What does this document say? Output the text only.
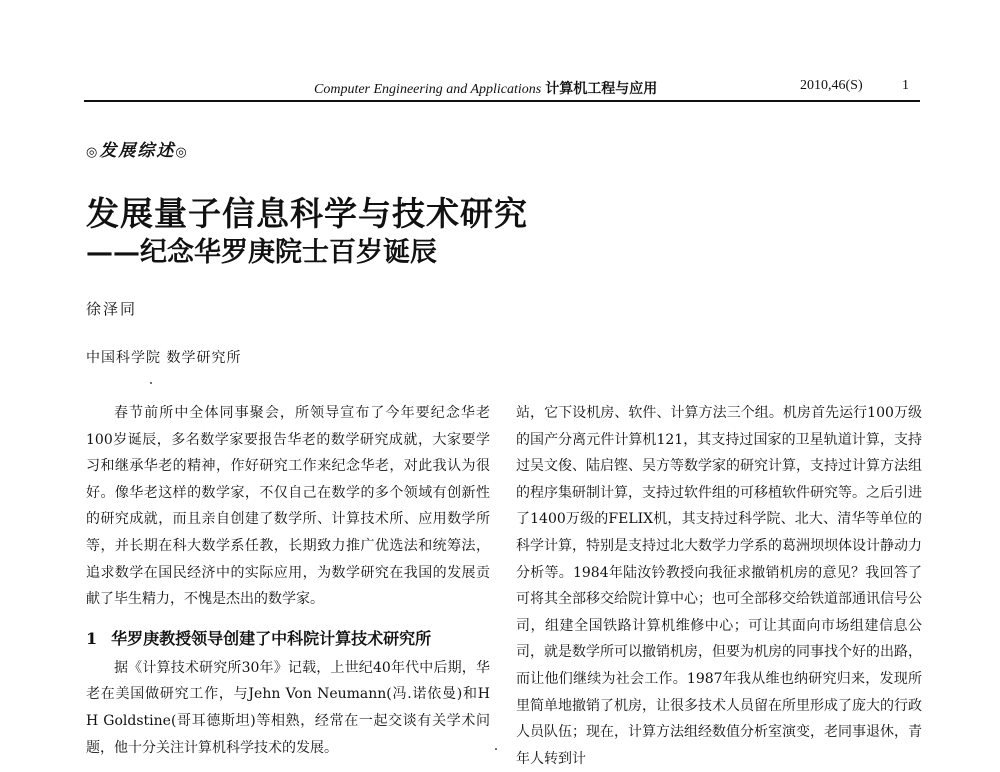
Computer Engineering and Applications 计算机工程与应用	2010,46(S)	1
◎发展综述◎
发展量子信息科学与技术研究
——纪念华罗庚院士百岁诞辰
徐泽同
中国科学院 数学研究所

春节前所中全体同事聚会，所领导宣布了今年要纪念华老100岁诞辰，多名数学家要报告华老的数学研究成就，大家要学习和继承华老的精神，作好研究工作来纪念华老，对此我认为很好。像华老这样的数学家，不仅自己在数学的多个领域有创新性的研究成就，而且亲自创建了数学所、计算技术所、应用数学所等，并长期在科大数学系任教，长期致力推广优选法和统筹法，追求数学在国民经济中的实际应用，为数学研究在我国的发展贡献了毕生精力，不愧是杰出的数学家。

1 华罗庚教授领导创建了中科院计算技术研究所

据《计算技术研究所30年》记载，上世纪40年代中后期，华老在美国做研究工作，与Jehn Von Neumann(冯.诺依曼)和H H Goldstine(哥耳德斯坦)等相熟，经常在一起交谈有关学术问题，他十分关注计算机科学技术的发展。

站，它下设机房、软件、计算方法三个组。机房首先运行100万级的国产分离元件计算机121，其支持过国家的卫星轨道计算，支持过吴文俊、陆启铿、吴方等数学家的研究计算，支持过计算方法组的程序集研制计算，支持过软件组的可移植软件研究等。之后引进了1400万级的FELIX机，其支持过科学院、北大、清华等单位的科学计算，特别是支持过北大数学力学系的葛洲坝坝体设计静动力分析等。1984年陆汝钤教授向我征求撤销机房的意见？我回答了可将其全部移交给院计算中心；也可全部移交给铁道部通讯信号公司，组建全国铁路计算机维修中心；可让其面向市场组建信息公司，就是数学所可以撤销机房，但要为机房的同事找个好的出路，而让他们继续为社会工作。1987年我从维也纳研究归来，发现所里简单地撤销了机房，让很多技术人员留在所里形成了庞大的行政人员队伍；现在，计算方法组经数值分析室演变，老同事退休，青年人转到计
